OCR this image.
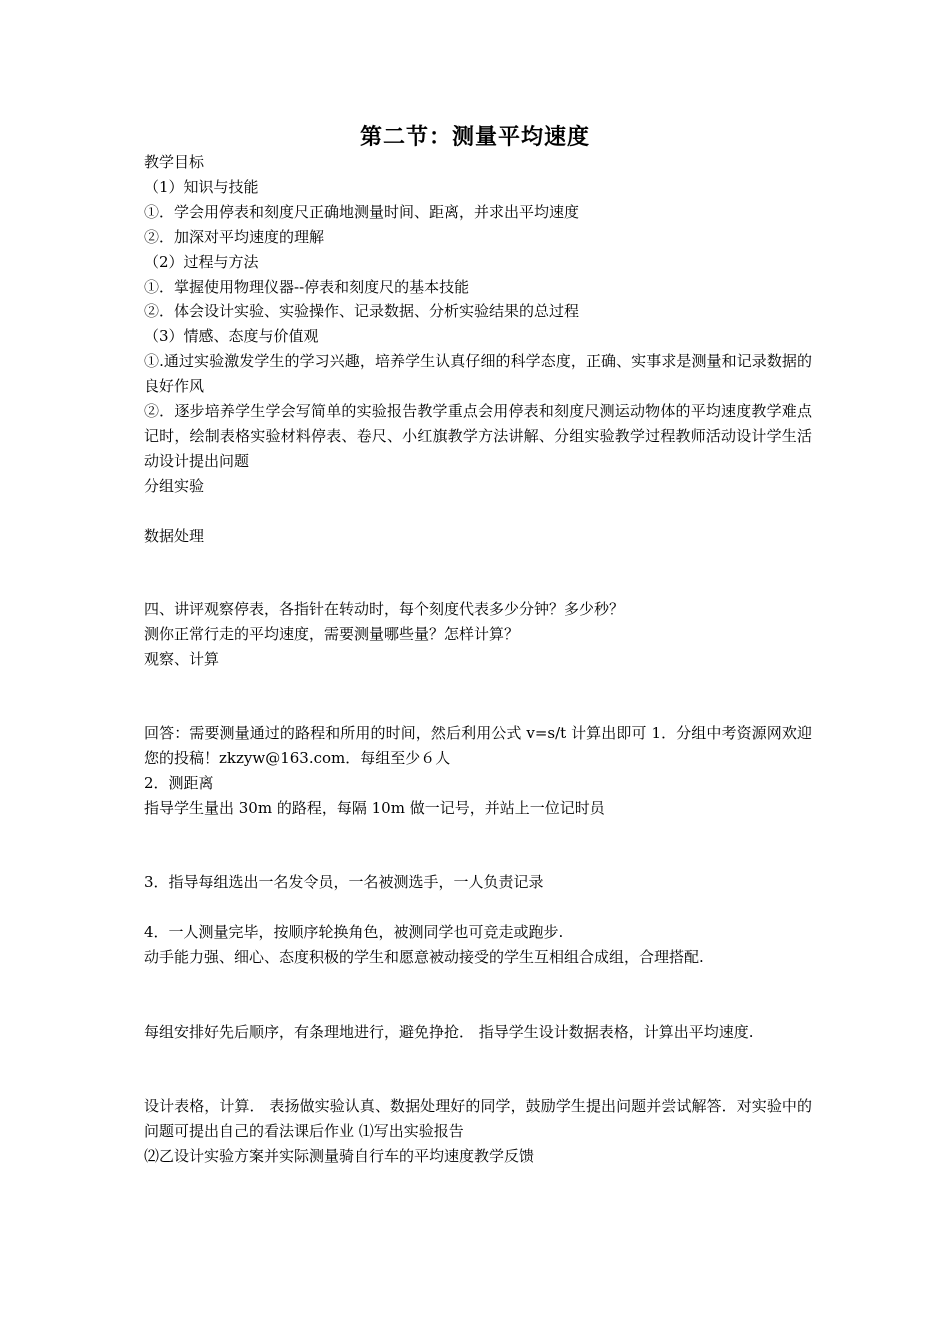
第二节：测量平均速度
教学目标
（1）知识与技能
①．学会用停表和刻度尺正确地测量时间、距离，并求出平均速度
②．加深对平均速度的理解
（2）过程与方法
①．掌握使用物理仪器--停表和刻度尺的基本技能
②．体会设计实验、实验操作、记录数据、分析实验结果的总过程
（3）情感、态度与价值观
①.通过实验激发学生的学习兴趣，培养学生认真仔细的科学态度，正确、实事求是测量和记录数据的良好作风
②．逐步培养学生学会写简单的实验报告教学重点会用停表和刻度尺测运动物体的平均速度教学难点记时，绘制表格实验材料停表、卷尺、小红旗教学方法讲解、分组实验教学过程教师活动设计学生活动设计提出问题
分组实验
数据处理
四、讲评观察停表，各指针在转动时，每个刻度代表多少分钟？多少秒？
测你正常行走的平均速度，需要测量哪些量？怎样计算？
观察、计算
回答：需要测量通过的路程和所用的时间，然后利用公式 v=s/t 计算出即可 1．分组中考资源网欢迎您的投稿！zkzyw@163.com．每组至少６人
2．测距离
指导学生量出 30m 的路程，每隔 10m 做一记号，并站上一位记时员
3．指导每组选出一名发令员，一名被测选手，一人负责记录
4．一人测量完毕，按顺序轮换角色，被测同学也可竞走或跑步.
动手能力强、细心、态度积极的学生和愿意被动接受的学生互相组合成组，合理搭配.
每组安排好先后顺序，有条理地进行，避免挣抢． 指导学生设计数据表格，计算出平均速度.
设计表格，计算． 表扬做实验认真、数据处理好的同学，鼓励学生提出问题并尝试解答．对实验中的问题可提出自己的看法课后作业 ⑴写出实验报告
⑵乙设计实验方案并实际测量骑自行车的平均速度教学反馈
